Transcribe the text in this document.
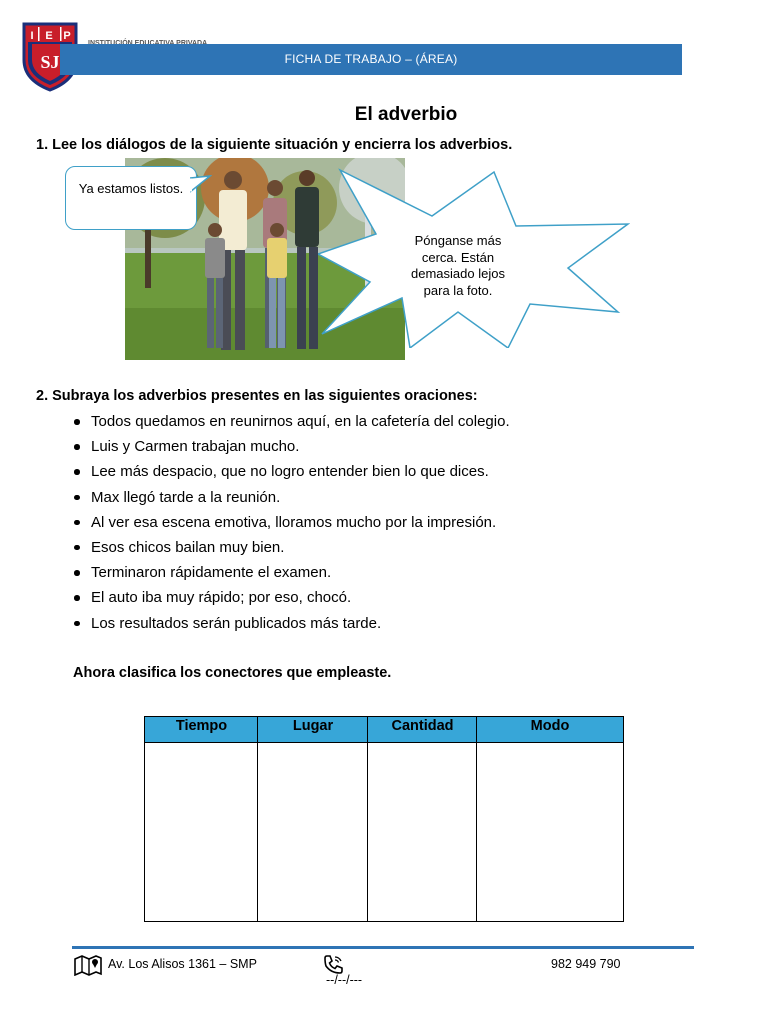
I E P
SJ	FICHA DE TRABAJO – (ÁREA)
El adverbio
1. Lee los diálogos de la siguiente situación y encierra los adverbios.
Ya estamos listos.
Pónganse más cerca. Están demasiado lejos para la foto.
2. Subraya los adverbios presentes en las siguientes oraciones:
Todos quedamos en reunirnos aquí, en la cafetería del colegio.
Luis y Carmen trabajan mucho.
Lee más despacio, que no logro entender bien lo que dices.
Max llegó tarde a la reunión.
Al ver esa escena emotiva, lloramos mucho por la impresión.
Esos chicos bailan muy bien.
Terminaron rápidamente el examen.
El auto iba muy rápido; por eso, chocó.
Los resultados serán publicados más tarde.
Ahora clasifica los conectores que empleaste.
Tiempo	Lugar	Cantidad	Modo
Av. Los Alisos 1361 – SMP
--/--/---
982 949 790
